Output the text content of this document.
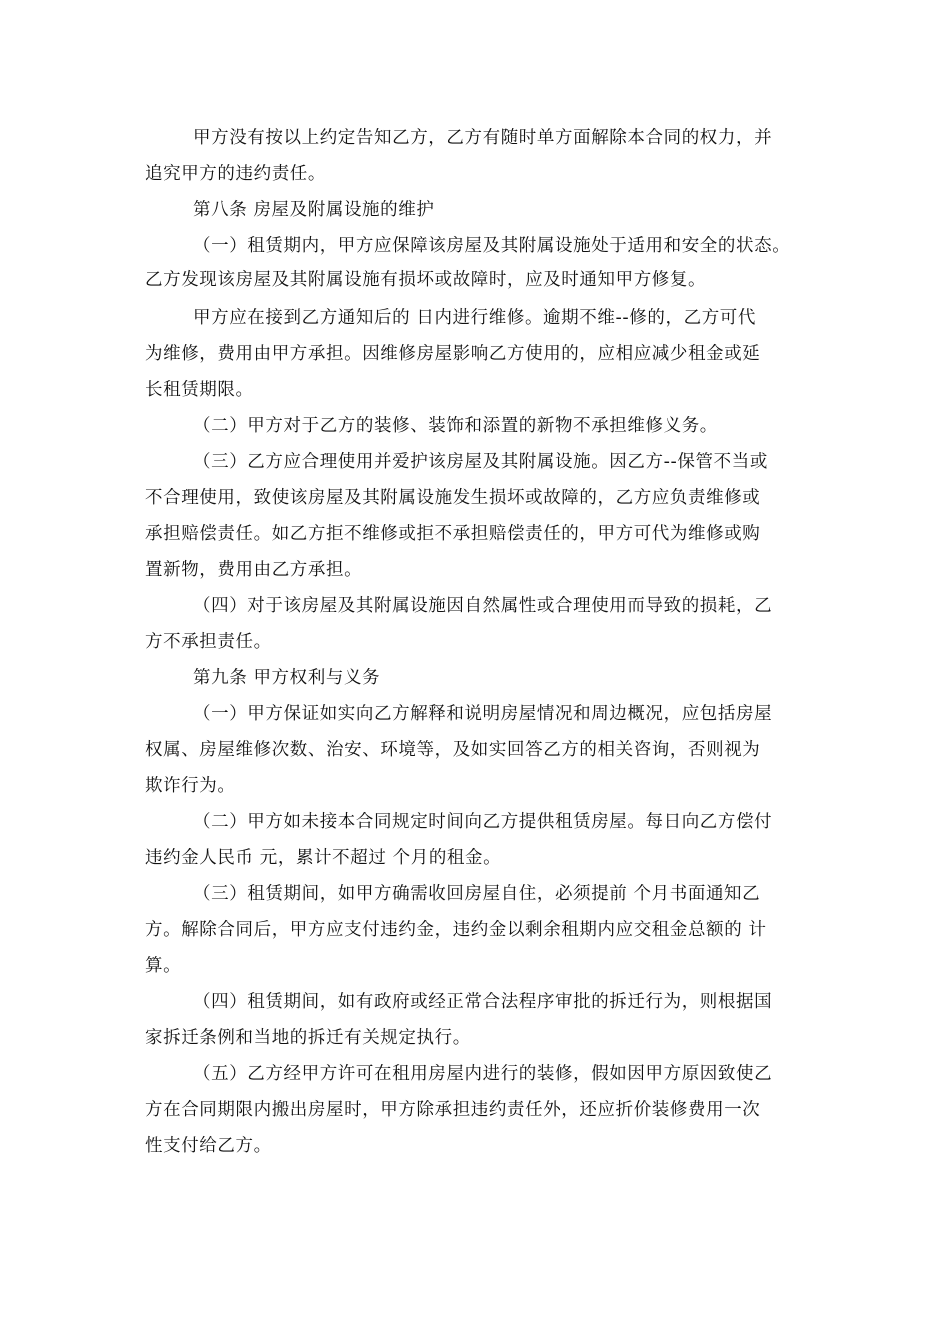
甲方没有按以上约定告知乙方，乙方有随时单方面解除本合同的权力，并
追究甲方的违约责任。
第八条 房屋及附属设施的维护
（一）租赁期内，甲方应保障该房屋及其附属设施处于适用和安全的状态。
乙方发现该房屋及其附属设施有损坏或故障时，应及时通知甲方修复。
甲方应在接到乙方通知后的 日内进行维修。逾期不维--修的，乙方可代
为维修，费用由甲方承担。因维修房屋影响乙方使用的，应相应减少租金或延
长租赁期限。
（二）甲方对于乙方的装修、装饰和添置的新物不承担维修义务。
（三）乙方应合理使用并爱护该房屋及其附属设施。因乙方--保管不当或
不合理使用，致使该房屋及其附属设施发生损坏或故障的，乙方应负责维修或
承担赔偿责任。如乙方拒不维修或拒不承担赔偿责任的，甲方可代为维修或购
置新物，费用由乙方承担。
（四）对于该房屋及其附属设施因自然属性或合理使用而导致的损耗，乙
方不承担责任。
第九条 甲方权利与义务
（一）甲方保证如实向乙方解释和说明房屋情况和周边概况，应包括房屋
权属、房屋维修次数、治安、环境等，及如实回答乙方的相关咨询，否则视为
欺诈行为。
（二）甲方如未接本合同规定时间向乙方提供租赁房屋。每日向乙方偿付
违约金人民币 元，累计不超过 个月的租金。
（三）租赁期间，如甲方确需收回房屋自住，必须提前 个月书面通知乙
方。解除合同后，甲方应支付违约金，违约金以剩余租期内应交租金总额的 计
算。
（四）租赁期间，如有政府或经正常合法程序审批的拆迁行为，则根据国
家拆迁条例和当地的拆迁有关规定执行。
（五）乙方经甲方许可在租用房屋内进行的装修，假如因甲方原因致使乙
方在合同期限内搬出房屋时，甲方除承担违约责任外，还应折价装修费用一次
性支付给乙方。
